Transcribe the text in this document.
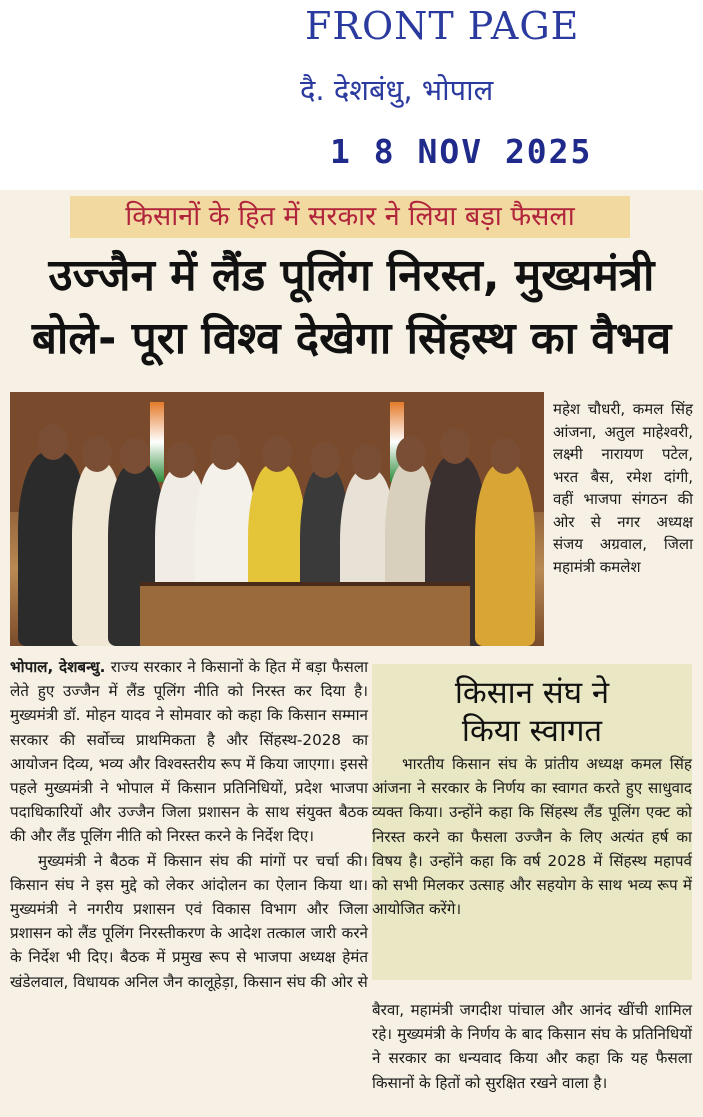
FRONT PAGE
दै. देशबंधु, भोपाल
1 8 NOV 2025
किसानों के हित में सरकार ने लिया बड़ा फैसला
उज्जैन में लैंड पूलिंग निरस्त, मुख्यमंत्री
बोले- पूरा विश्व देखेगा सिंहस्थ का वैभव
महेश चौधरी, कमल सिंह आंजना, अतुल माहेश्वरी, लक्ष्मी नारायण पटेल, भरत बैस, रमेश दांगी, वहीं भाजपा संगठन की ओर से नगर अध्यक्ष संजय अग्रवाल, जिला महामंत्री कमलेश

भोपाल, देशबन्धु. राज्य सरकार ने किसानों के हित में बड़ा फैसला लेते हुए उज्जैन में लैंड पूलिंग नीति को निरस्त कर दिया है। मुख्यमंत्री डॉ. मोहन यादव ने सोमवार को कहा कि किसान सम्मान सरकार की सर्वोच्च प्राथमिकता है और सिंहस्थ-2028 का आयोजन दिव्य, भव्य और विश्वस्तरीय रूप में किया जाएगा। इससे पहले मुख्यमंत्री ने भोपाल में किसान प्रतिनिधियों, प्रदेश भाजपा पदाधिकारियों और उज्जैन जिला प्रशासन के साथ संयुक्त बैठक की और लैंड पूलिंग नीति को निरस्त करने के निर्देश दिए।

मुख्यमंत्री ने बैठक में किसान संघ की मांगों पर चर्चा की। किसान संघ ने इस मुद्दे को लेकर आंदोलन का ऐलान किया था। मुख्यमंत्री ने नगरीय प्रशासन एवं विकास विभाग और जिला प्रशासन को लैंड पूलिंग निरस्तीकरण के आदेश तत्काल जारी करने के निर्देश भी दिए। बैठक में प्रमुख रूप से भाजपा अध्यक्ष हेमंत खंडेलवाल, विधायक अनिल जैन कालूहेड़ा, किसान संघ की ओर से

किसान संघ ने
किया स्वागत
भारतीय किसान संघ के प्रांतीय अध्यक्ष कमल सिंह आंजना ने सरकार के निर्णय का स्वागत करते हुए साधुवाद व्यक्त किया। उन्होंने कहा कि सिंहस्थ लैंड पूलिंग एक्ट को निरस्त करने का फैसला उज्जैन के लिए अत्यंत हर्ष का विषय है। उन्होंने कहा कि वर्ष 2028 में सिंहस्थ महापर्व को सभी मिलकर उत्साह और सहयोग के साथ भव्य रूप में आयोजित करेंगे।
बैरवा, महामंत्री जगदीश पांचाल और आनंद खींची शामिल रहे। मुख्यमंत्री के निर्णय के बाद किसान संघ के प्रतिनिधियों ने सरकार का धन्यवाद किया और कहा कि यह फैसला किसानों के हितों को सुरक्षित रखने वाला है।
